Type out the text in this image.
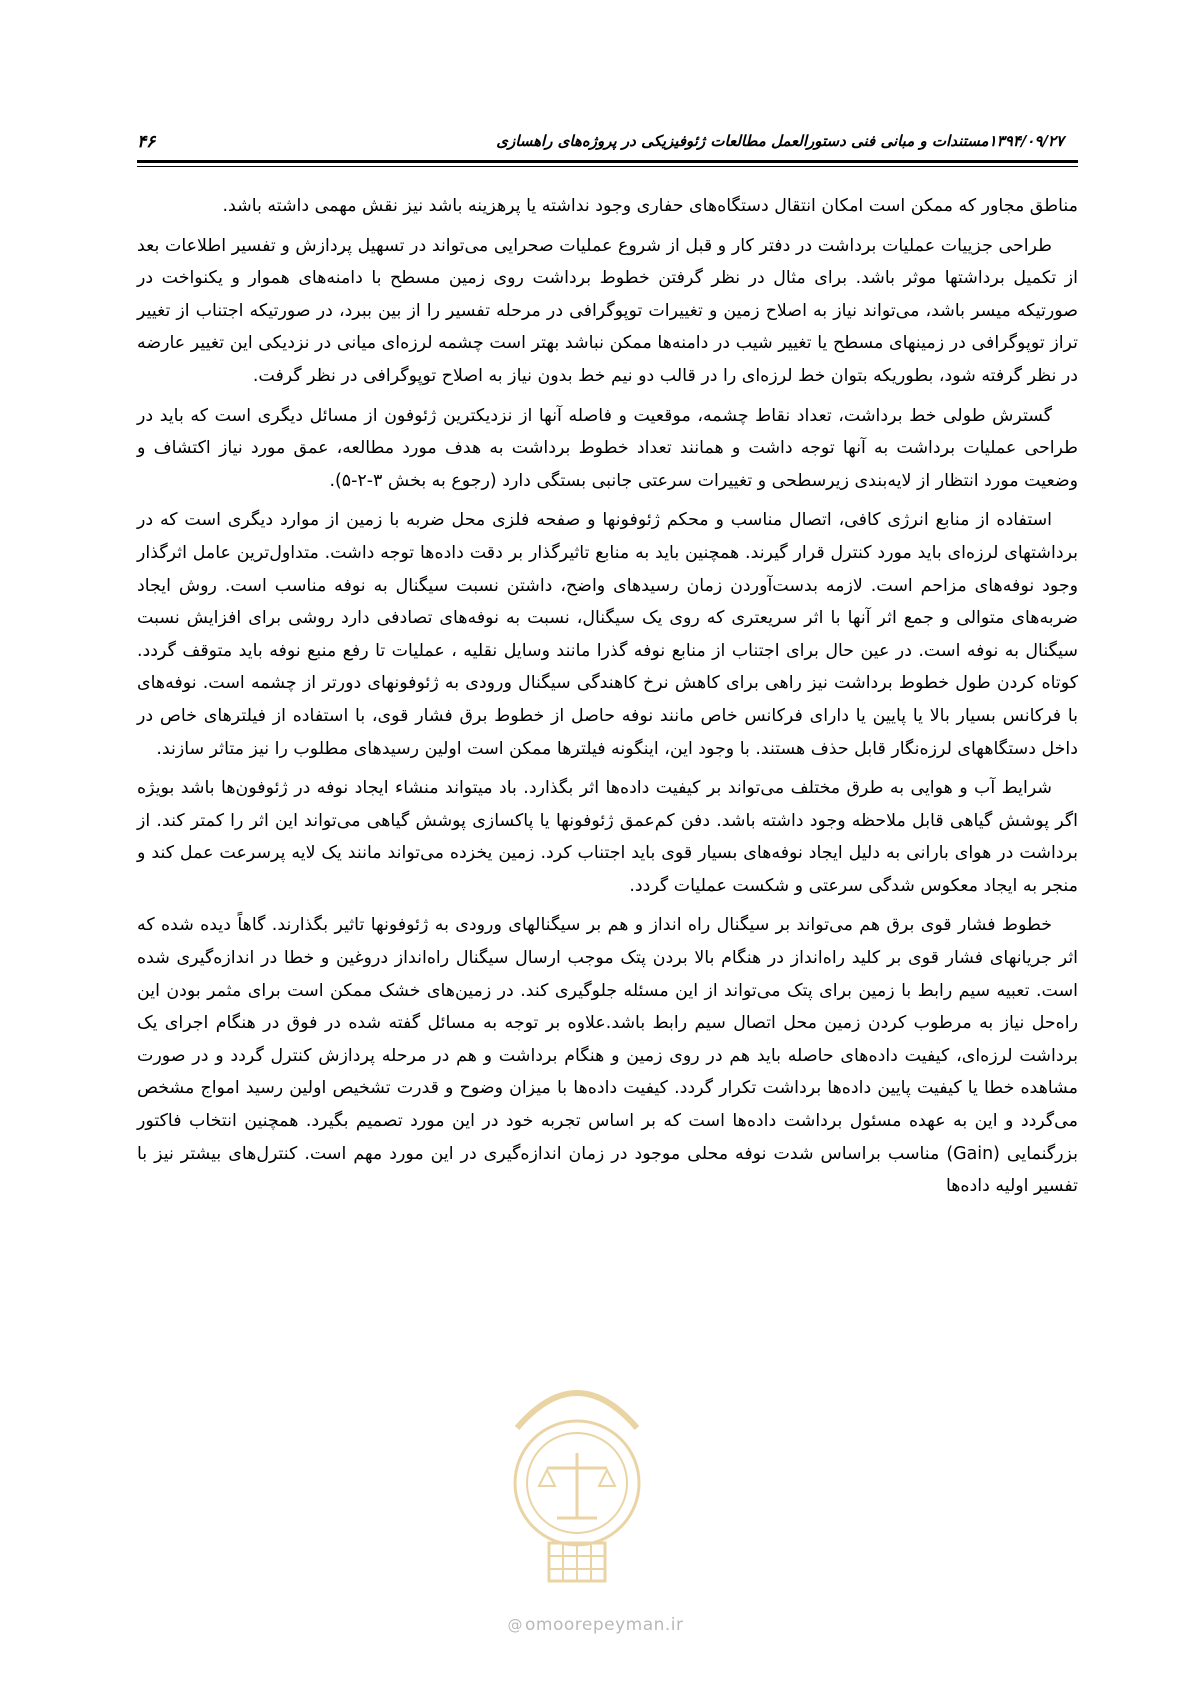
۱۳۹۴/۰۹/۲۷مستندات و مبانی فنی دستورالعمل مطالعات ژئوفیزیکی در پروژه‌های راهسازی
۴۶

مناطق مجاور که ممکن است امکان انتقال دستگاه‌های حفاری وجود نداشته یا پرهزینه باشد نیز نقش مهمی داشته باشد.

طراحی جزییات عملیات برداشت در دفتر کار و قبل از شروع عملیات صحرایی می‌تواند در تسهیل پردازش و تفسیر اطلاعات بعد از تکمیل برداشتها موثر باشد. برای مثال در نظر گرفتن خطوط برداشت روی زمین مسطح با دامنه‌های هموار و یکنواخت در صورتیکه میسر باشد، می‌تواند نیاز به اصلاح زمین و تغییرات توپوگرافی در مرحله تفسیر را از بین ببرد، در صورتیکه اجتناب از تغییر تراز توپوگرافی در زمینهای مسطح یا تغییر شیب در دامنه‌ها ممکن نباشد بهتر است چشمه لرزه‌ای میانی در نزدیکی این تغییر عارضه در نظر گرفته شود، بطوریکه بتوان خط لرزه‌ای را در قالب دو نیم خط بدون نیاز به اصلاح توپوگرافی در نظر گرفت.

گسترش طولی خط برداشت، تعداد نقاط چشمه، موقعیت و فاصله آنها از نزدیکترین ژئوفون از مسائل دیگری است که باید در طراحی عملیات برداشت به آنها توجه داشت و همانند تعداد خطوط برداشت به هدف مورد مطالعه، عمق مورد نیاز اکتشاف و وضعیت مورد انتظار از لایه‌بندی زیرسطحی و تغییرات سرعتی جانبی بستگی دارد (رجوع به بخش ۳-۲-۵).

استفاده از منابع انرژی کافی، اتصال مناسب و محکم ژئوفونها و صفحه فلزی محل ضربه با زمین از موارد دیگری است که در برداشتهای لرزه‌ای باید مورد کنترل قرار گیرند. همچنین باید به منابع تاثیرگذار بر دقت داده‌ها توجه داشت. متداول‌ترین عامل اثرگذار وجود نوفه‌های مزاحم است. لازمه بدست‌آوردن زمان رسیدهای واضح، داشتن نسبت سیگنال به نوفه مناسب است. روش ایجاد ضربه‌های متوالی و جمع اثر آنها با اثر سریعتری که روی یک سیگنال، نسبت به نوفه‌های تصادفی دارد روشی برای افزایش نسبت سیگنال به نوفه است. در عین حال برای اجتناب از منابع نوفه گذرا مانند وسایل نقلیه ، عملیات تا رفع منبع نوفه باید متوقف گردد. کوتاه کردن طول خطوط برداشت نیز راهی برای کاهش نرخ کاهندگی سیگنال ورودی به ژئوفونهای دورتر از چشمه است. نوفه‌های با فرکانس بسیار بالا یا پایین یا دارای فرکانس خاص مانند نوفه حاصل از خطوط برق فشار قوی، با استفاده از فیلترهای خاص در داخل دستگاههای لرزه‌نگار قابل حذف هستند. با وجود این، اینگونه فیلترها ممکن است اولین رسیدهای مطلوب را نیز متاثر سازند.

شرایط آب و هوایی به طرق مختلف می‌تواند بر کیفیت داده‌ها اثر بگذارد. باد میتواند منشاء ایجاد نوفه در ژئوفون‌ها باشد بویژه اگر پوشش گیاهی قابل ملاحظه وجود داشته باشد. دفن کم‌عمق ژئوفونها یا پاکسازی پوشش گیاهی می‌تواند این اثر را کمتر کند. از برداشت در هوای بارانی به دلیل ایجاد نوفه‌های بسیار قوی باید اجتناب کرد. زمین یخزده می‌تواند مانند یک لایه پرسرعت عمل کند و منجر به ایجاد معکوس شدگی سرعتی و شکست عملیات گردد.

خطوط فشار قوی برق هم می‌تواند بر سیگنال راه انداز و هم بر سیگنالهای ورودی به ژئوفونها تاثیر بگذارند. گاهاً دیده شده که اثر جریانهای فشار قوی بر کلید راه‌انداز در هنگام بالا بردن پتک موجب ارسال سیگنال راه‌انداز دروغین و خطا در اندازه‌گیری شده است. تعبیه سیم رابط با زمین برای پتک می‌تواند از این مسئله جلوگیری کند. در زمین‌های خشک ممکن است برای مثمر بودن این راه‌حل نیاز به مرطوب کردن زمین محل اتصال سیم رابط باشد.علاوه بر توجه به مسائل گفته شده در فوق در هنگام اجرای یک برداشت لرزه‌ای، کیفیت داده‌های حاصله باید هم در روی زمین و هنگام برداشت و هم در مرحله پردازش کنترل گردد و در صورت مشاهده خطا یا کیفیت پایین داده‌ها برداشت تکرار گردد. کیفیت داده‌ها با میزان وضوح و قدرت تشخیص اولین رسید امواج مشخص می‌گردد و این به عهده مسئول برداشت داده‌ها است که بر اساس تجربه خود در این مورد تصمیم بگیرد. همچنین انتخاب فاکتور بزرگنمایی (Gain) مناسب براساس شدت نوفه محلی موجود در زمان اندازه‌گیری در این مورد مهم است. کنترل‌های بیشتر نیز با تفسیر اولیه داده‌ها

@ omoorepeyman.ir
